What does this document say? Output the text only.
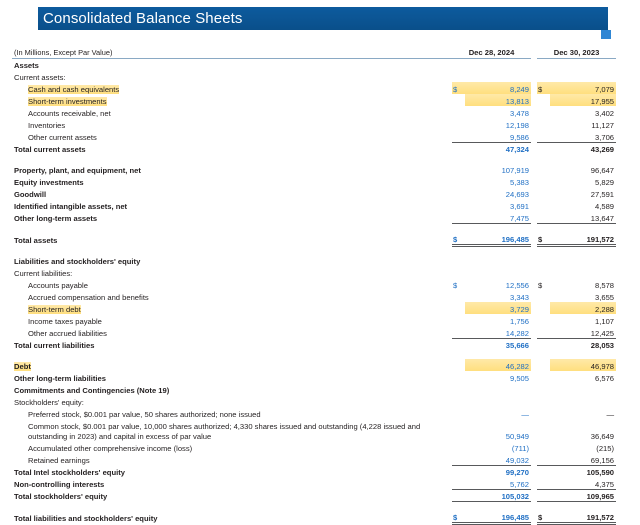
Consolidated Balance Sheets
(In Millions, Except Par Value)	Dec 28, 2024			Dec 30, 2023	
Assets					
Current assets:					
Cash and cash equivalents	$	8,249		$	7,079
Short-term investments		13,813			17,955
Accounts receivable, net		3,478			3,402
Inventories		12,198			11,127
Other current assets		9,586			3,706
Total current assets		47,324			43,269

Property, plant, and equipment, net		107,919			96,647
Equity investments		5,383			5,829
Goodwill		24,693			27,591
Identified intangible assets, net		3,691			4,589
Other long-term assets		7,475			13,647
Total assets	$	196,485		$	191,572

Liabilities and stockholders' equity					
Current liabilities:					
Accounts payable	$	12,556		$	8,578
Accrued compensation and benefits		3,343			3,655
Short-term debt		3,729			2,288
Income taxes payable		1,756			1,107
Other accrued liabilities		14,282			12,425
Total current liabilities		35,666			28,053

Debt		46,282			46,978
Other long-term liabilities		9,505			6,576
Commitments and Contingencies (Note 19)					
Stockholders' equity:					
Preferred stock, $0.001 par value, 50 shares authorized; none issued		—			—
Common stock, $0.001 par value, 10,000 shares authorized; 4,330 shares issued and outstanding (4,228 issued and outstanding in 2023) and capital in excess of par value		50,949			36,649
Accumulated other comprehensive income (loss)		(711)			(215)
Retained earnings		49,032			69,156
Total Intel stockholders' equity		99,270			105,590
Non-controlling interests		5,762			4,375
Total stockholders' equity		105,032			109,965
Total liabilities and stockholders' equity	$	196,485		$	191,572
